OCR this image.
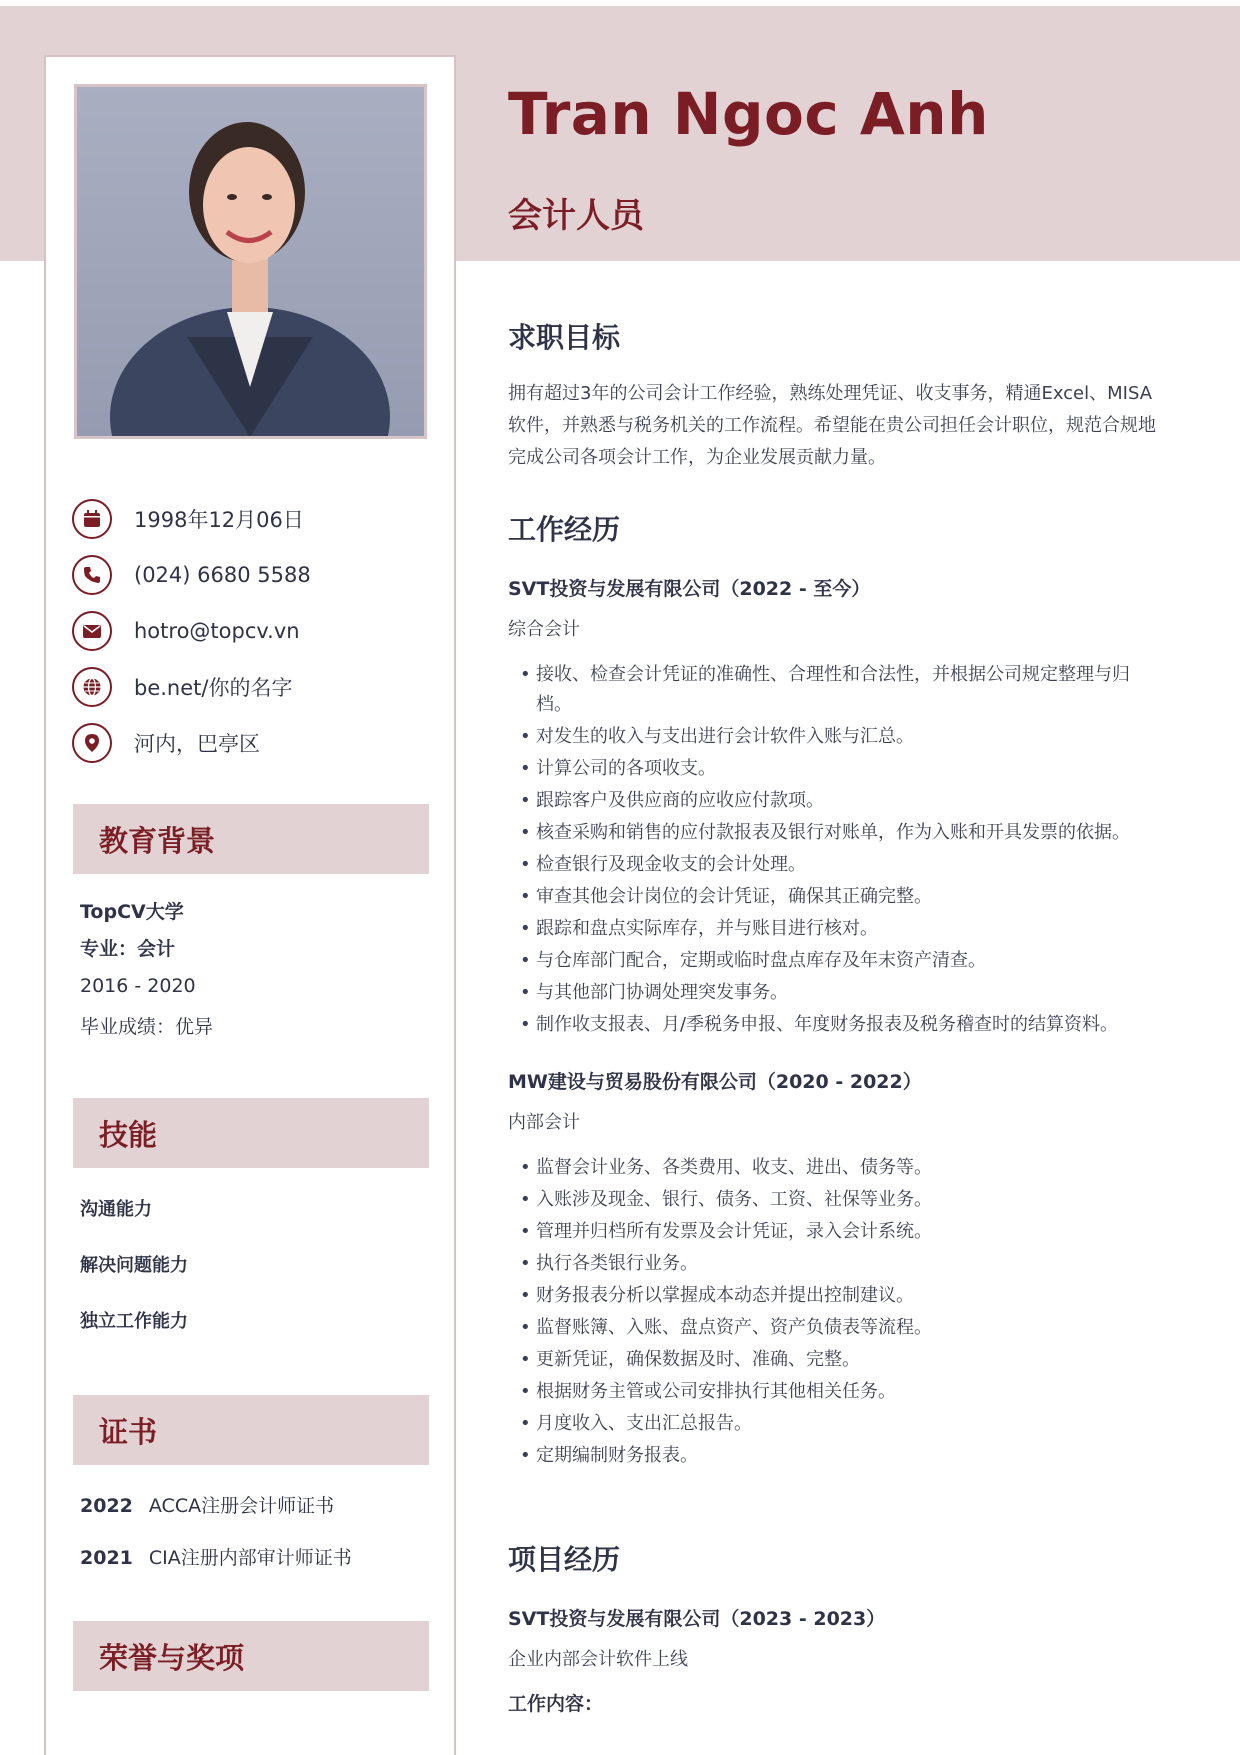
1998年12月06日
(024) 6680 5588
hotro@topcv.vn
be.net/你的名字
河内，巴亭区
教育背景
TopCV大学
专业：会计
2016 - 2020
毕业成绩：优异
技能
沟通能力
解决问题能力
独立工作能力
证书
2022 ACCA注册会计师证书
2021 CIA注册内部审计师证书
荣誉与奖项
Tran Ngoc Anh
会计人员
求职目标
拥有超过3年的公司会计工作经验，熟练处理凭证、收支事务，精通Excel、MISA
软件，并熟悉与税务机关的工作流程。希望能在贵公司担任会计职位，规范合规地
完成公司各项会计工作，为企业发展贡献力量。
工作经历
SVT投资与发展有限公司（2022 - 至今）
综合会计
• 接收、检查会计凭证的准确性、合理性和合法性，并根据公司规定整理与归
档。
• 对发生的收入与支出进行会计软件入账与汇总。
• 计算公司的各项收支。
• 跟踪客户及供应商的应收应付款项。
• 核查采购和销售的应付款报表及银行对账单，作为入账和开具发票的依据。
• 检查银行及现金收支的会计处理。
• 审查其他会计岗位的会计凭证，确保其正确完整。
• 跟踪和盘点实际库存，并与账目进行核对。
• 与仓库部门配合，定期或临时盘点库存及年末资产清查。
• 与其他部门协调处理突发事务。
• 制作收支报表、月/季税务申报、年度财务报表及税务稽查时的结算资料。
MW建设与贸易股份有限公司（2020 - 2022）
内部会计
• 监督会计业务、各类费用、收支、进出、债务等。
• 入账涉及现金、银行、债务、工资、社保等业务。
• 管理并归档所有发票及会计凭证，录入会计系统。
• 执行各类银行业务。
• 财务报表分析以掌握成本动态并提出控制建议。
• 监督账簿、入账、盘点资产、资产负债表等流程。
• 更新凭证，确保数据及时、准确、完整。
• 根据财务主管或公司安排执行其他相关任务。
• 月度收入、支出汇总报告。
• 定期编制财务报表。
项目经历
SVT投资与发展有限公司（2023 - 2023）
企业内部会计软件上线
工作内容：
